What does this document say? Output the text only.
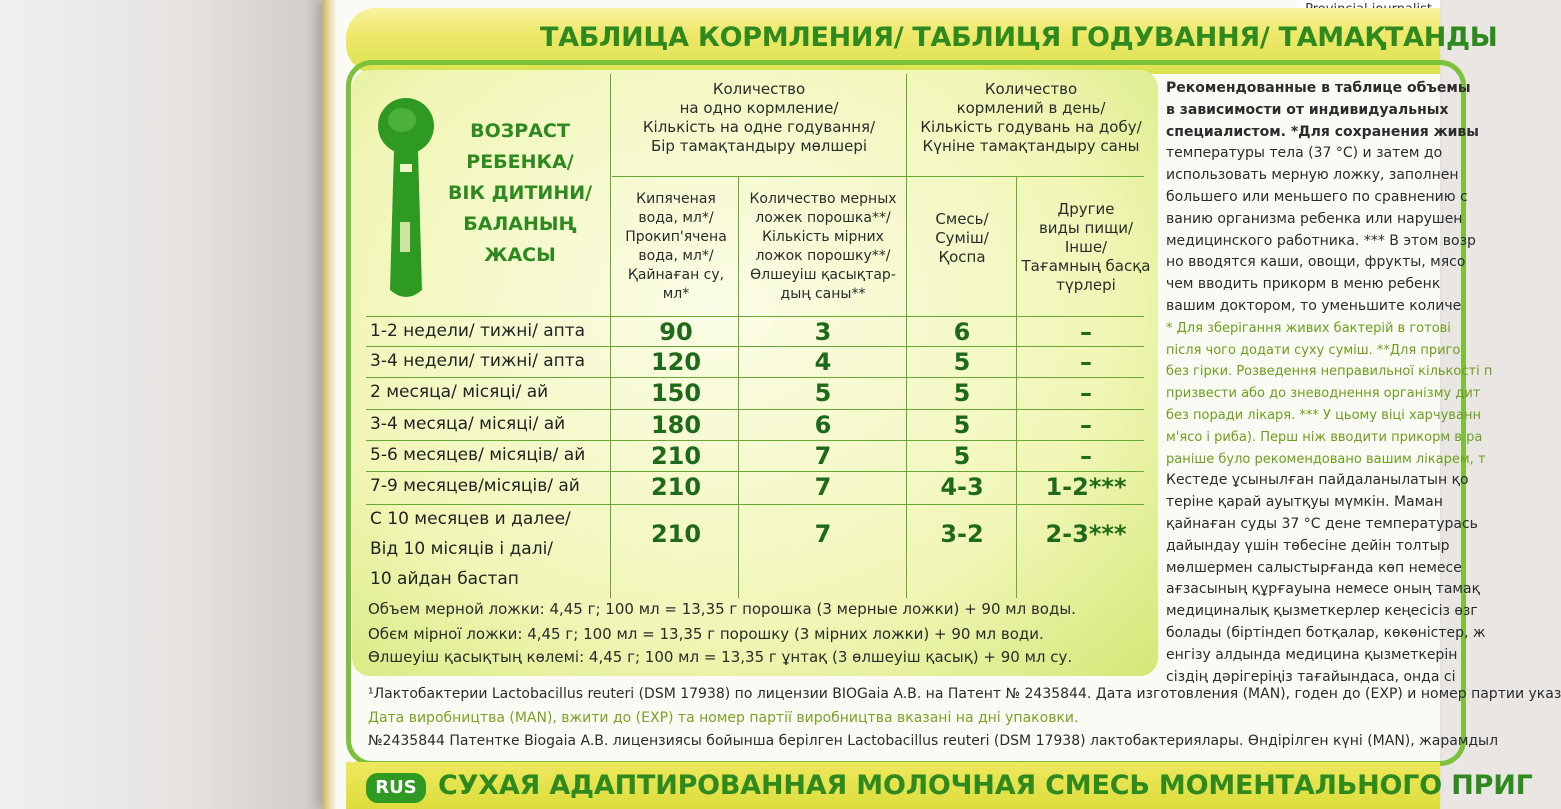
ТАБЛИЦА КОРМЛЕНИЯ/ ТАБЛИЦЯ ГОДУВАННЯ/ ТАМАҚТАНДЫ
ВОЗРАСТ
РЕБЕНКА/
ВІК ДИТИНИ/
БАЛАНЫҢ
ЖАСЫ
Количество
на одно кормление/
Кількість на одне годування/
Бір тамақтандыру мөлшері
Количество
кормлений в день/
Кількість годувань на добу/
Күніне тамақтандыру саны
Кипяченая
вода, мл*/
Прокип'ячена
вода, мл*/
Қайнаған су, мл*
Количество мерных
ложек порошка**/
Кількість мірних
ложок порошку**/
Өлшеуіш қасықтар-
дың саны**
Смесь/
Суміш/
Қоспа
Другие
виды пищи/
Інше/
Тағамның басқа
түрлері
1-2 недели/ тижні/ апта	90	3	6	–
3-4 недели/ тижні/ апта	120	4	5	–
2 месяца/ місяці/ ай	150	5	5	–
3-4 месяца/ місяці/ ай	180	6	5	–
5-6 месяцев/ місяців/ ай	210	7	5	–
7-9 месяцев/місяців/ ай	210	7	4-3	1-2***
С 10 месяцев и далее/
Від 10 місяців і далі/
10 айдан бастап
210	7	3-2	2-3***
Объем мерной ложки: 4,45 г; 100 мл = 13,35 г порошка (3 мерные ложки) + 90 мл воды.
Обєм мірної ложки: 4,45 г; 100 мл = 13,35 г порошку (3 мірних ложки) + 90 мл води.
Өлшеуіш қасықтың көлемі: 4,45 г; 100 мл = 13,35 г ұнтақ (3 өлшеуіш қасық) + 90 мл су.
Рекомендованные в таблице объемы
в зависимости от индивидуальных
специалистом. *Для сохранения живы
температуры тела (37 °С) и затем до
использовать мерную ложку, заполнен
большего или меньшего по сравнению с
ванию организма ребенка или нарушен
медицинского работника. *** В этом возр
но вводятся каши, овощи, фрукты, мясо
чем вводить прикорм в меню ребенк
вашим доктором, то уменьшите количе
* Для зберігання живих бактерій в готові
після чого додати суху суміш. **Для приго
без гірки. Розведення неправильної кількості п
призвести або до зневоднення організму дит
без поради лікаря. *** У цьому віці харчуванн
м'ясо і риба). Перш ніж вводити прикорм в ра
раніше було рекомендовано вашим лікарем, т
Кестеде ұсынылған пайдаланылатын қо
теріне қарай ауытқуы мүмкін. Маман
қайнаған суды 37 °С дене температурась
дайындау үшін төбесіне дейін толтыр
мөлшермен салыстырғанда көп немесе
ағзасының құрғауына немесе оның тамақ
медициналық қызметкерлер кеңесісіз өзг
болады (біртіндеп ботқалар, көкөністер, ж
енгізу алдында медицина қызметкерін
сіздің дәрігеріңіз тағайындаса, онда сі
¹Лактобактерии Lactobacillus reuteri (DSM 17938) по лицензии BIOGaia A.B. на Патент № 2435844. Дата изготовления (MAN), годен до (EXP) и номер партии указ
Дата виробництва (MAN), вжити до (EXP) та номер партії виробництва вказані на дні упаковки.
№2435844 Патентке Biogaia A.B. лицензиясы бойынша берілген Lactobacillus reuteri (DSM 17938) лактобактериялары. Өндірілген күні (MAN), жарамдыл
RUS СУХАЯ АДАПТИРОВАННАЯ МОЛОЧНАЯ СМЕСЬ МОМЕНТАЛЬНОГО ПРИГ
